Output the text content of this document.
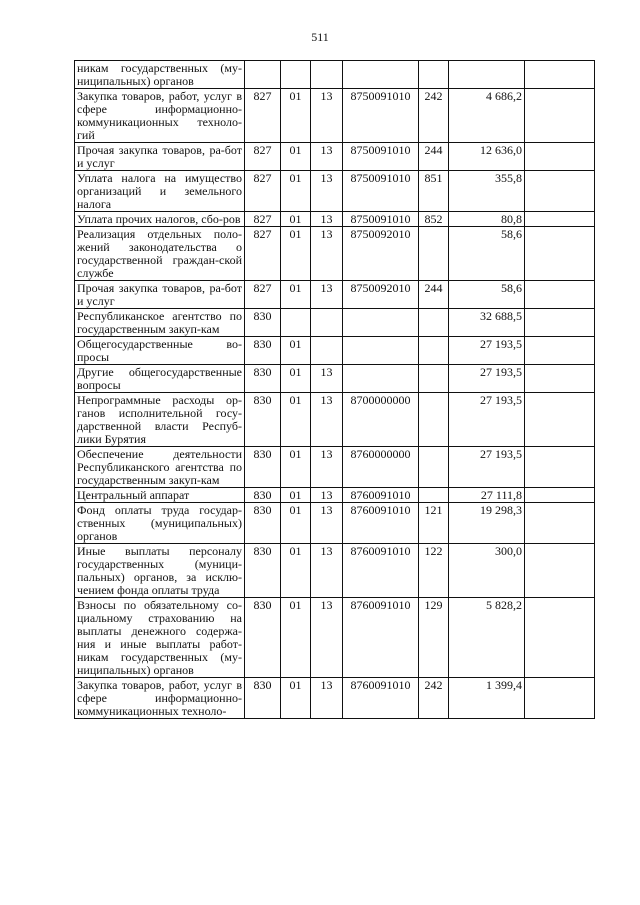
511
никам государственных (му-ниципальных) органов							
Закупка товаров, работ, услуг в сфере информационно-коммуникационных техноло-гий	827	01	13	8750091010	242	4 686,2	
Прочая закупка товаров, ра-бот и услуг	827	01	13	8750091010	244	12 636,0	
Уплата налога на имущество организаций и земельного налога	827	01	13	8750091010	851	355,8	
Уплата прочих налогов, сбо-ров	827	01	13	8750091010	852	80,8	
Реализация отдельных поло-жений законодательства о государственной граждан-ской службе	827	01	13	8750092010		58,6	
Прочая закупка товаров, ра-бот и услуг	827	01	13	8750092010	244	58,6	
Республиканское агентство по государственным закуп-кам	830					32 688,5	
Общегосударственные во-просы	830	01				27 193,5	
Другие общегосударственные вопросы	830	01	13			27 193,5	
Непрограммные расходы ор-ганов исполнительной госу-дарственной власти Респуб-лики Бурятия	830	01	13	8700000000		27 193,5	
Обеспечение деятельности Республиканского агентства по государственным закуп-кам	830	01	13	8760000000		27 193,5	
Центральный аппарат	830	01	13	8760091010		27 111,8	
Фонд оплаты труда государ-ственных (муниципальных) органов	830	01	13	8760091010	121	19 298,3	
Иные выплаты персоналу государственных (муници-пальных) органов, за исклю-чением фонда оплаты труда	830	01	13	8760091010	122	300,0	
Взносы по обязательному со-циальному страхованию на выплаты денежного содержа-ния и иные выплаты работ-никам государственных (му-ниципальных) органов	830	01	13	8760091010	129	5 828,2	
Закупка товаров, работ, услуг в сфере информационно-коммуникационных техноло-	830	01	13	8760091010	242	1 399,4	
